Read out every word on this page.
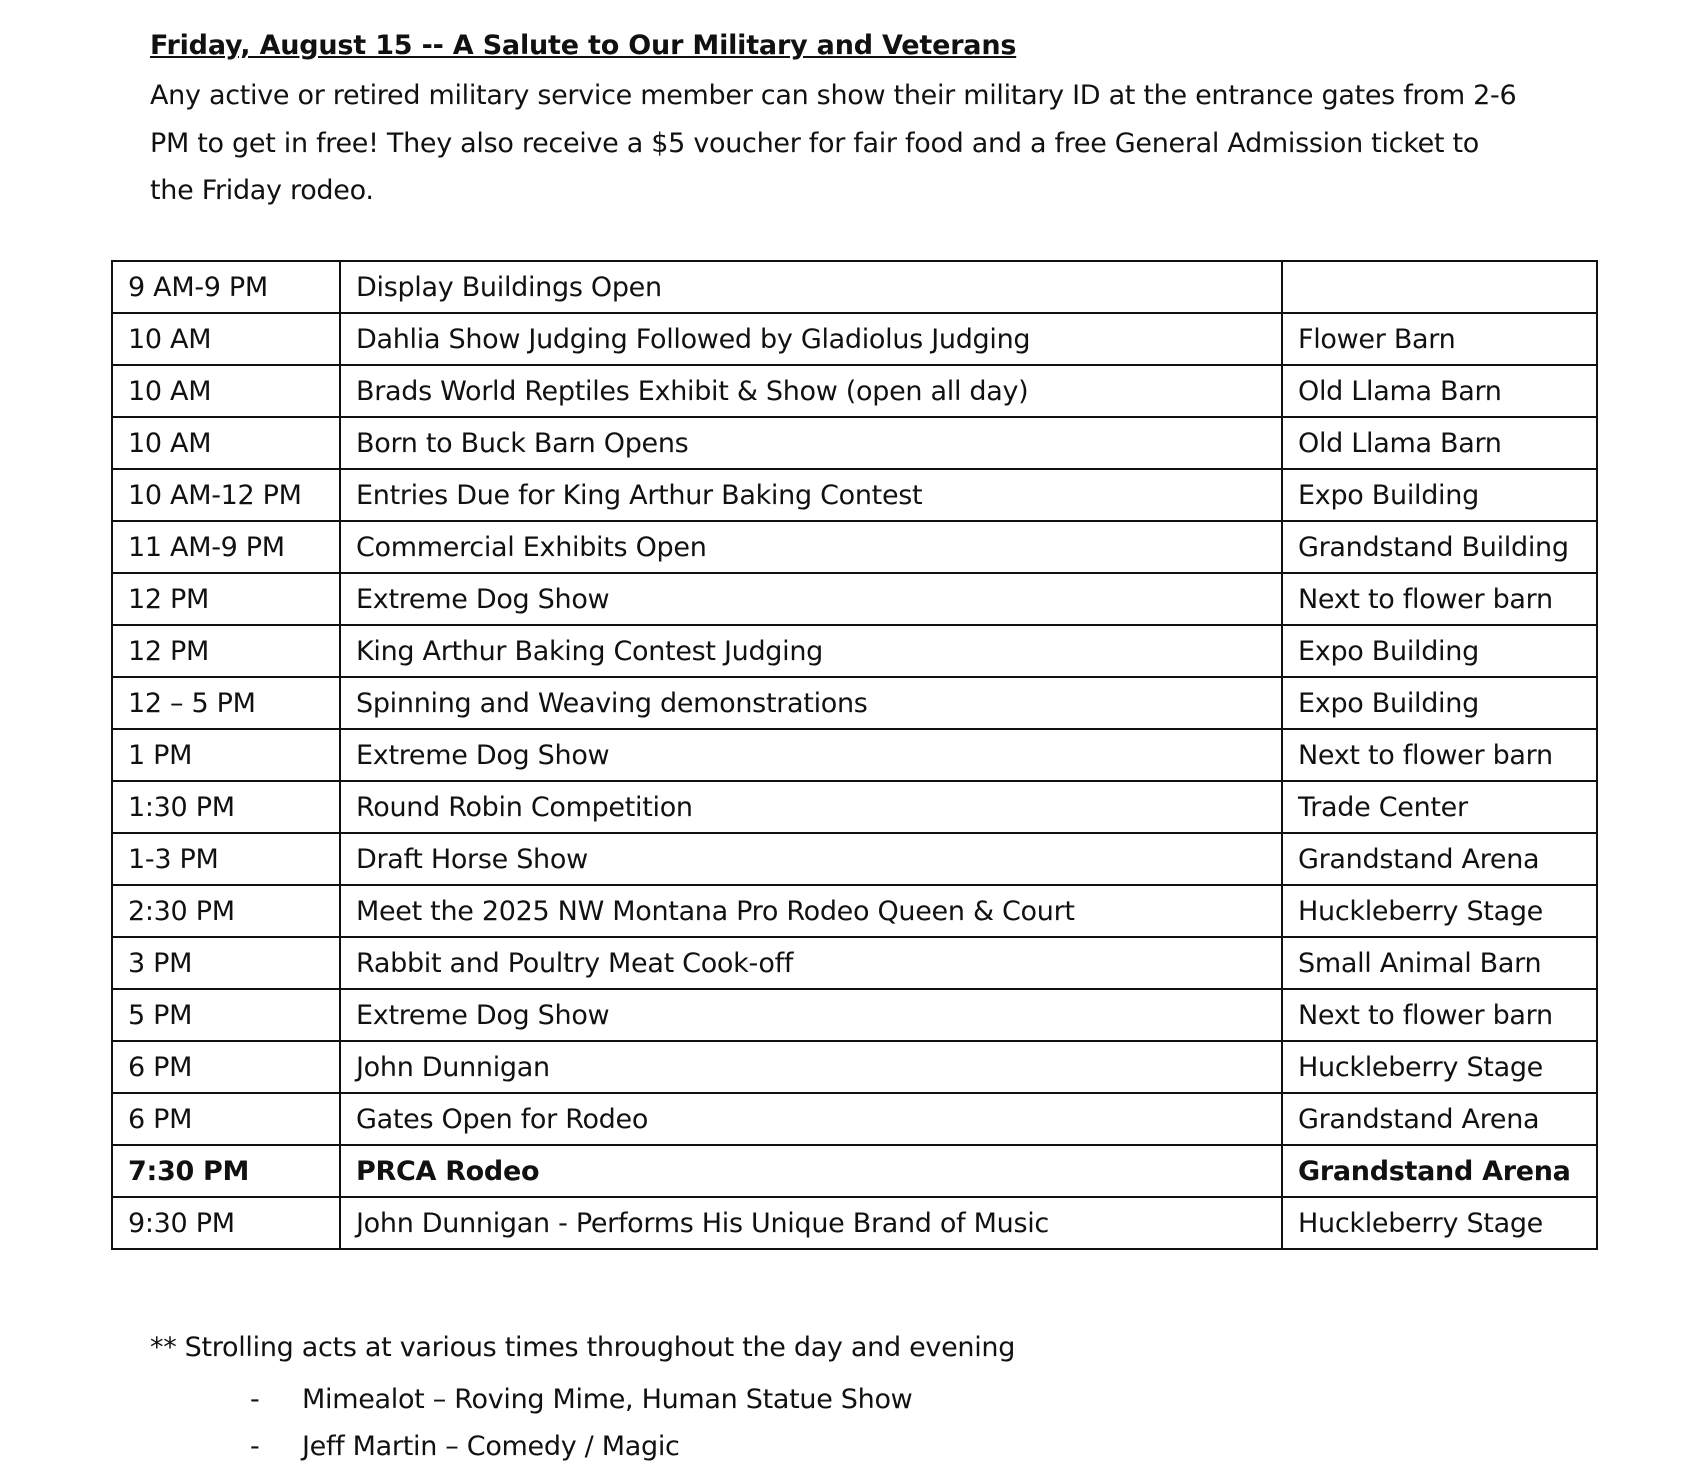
Friday, August 15 -- A Salute to Our Military and Veterans
Any active or retired military service member can show their military ID at the entrance gates from 2-6
PM to get in free! They also receive a $5 voucher for fair food and a free General Admission ticket to
the Friday rodeo.
9 AM-9 PM	Display Buildings Open	
10 AM	Dahlia Show Judging Followed by Gladiolus Judging	Flower Barn
10 AM	Brads World Reptiles Exhibit & Show (open all day)	Old Llama Barn
10 AM	Born to Buck Barn Opens	Old Llama Barn
10 AM-12 PM	Entries Due for King Arthur Baking Contest	Expo Building
11 AM-9 PM	Commercial Exhibits Open	Grandstand Building
12 PM	Extreme Dog Show	Next to flower barn
12 PM	King Arthur Baking Contest Judging	Expo Building
12 – 5 PM	Spinning and Weaving demonstrations	Expo Building
1 PM	Extreme Dog Show	Next to flower barn
1:30 PM	Round Robin Competition	Trade Center
1-3 PM	Draft Horse Show	Grandstand Arena
2:30 PM	Meet the 2025 NW Montana Pro Rodeo Queen & Court	Huckleberry Stage
3 PM	Rabbit and Poultry Meat Cook-off	Small Animal Barn
5 PM	Extreme Dog Show	Next to flower barn
6 PM	John Dunnigan	Huckleberry Stage
6 PM	Gates Open for Rodeo	Grandstand Arena
7:30 PM	PRCA Rodeo	Grandstand Arena
9:30 PM	John Dunnigan - Performs His Unique Brand of Music	Huckleberry Stage
** Strolling acts at various times throughout the day and evening
- Mimealot – Roving Mime, Human Statue Show
- Jeff Martin – Comedy / Magic
